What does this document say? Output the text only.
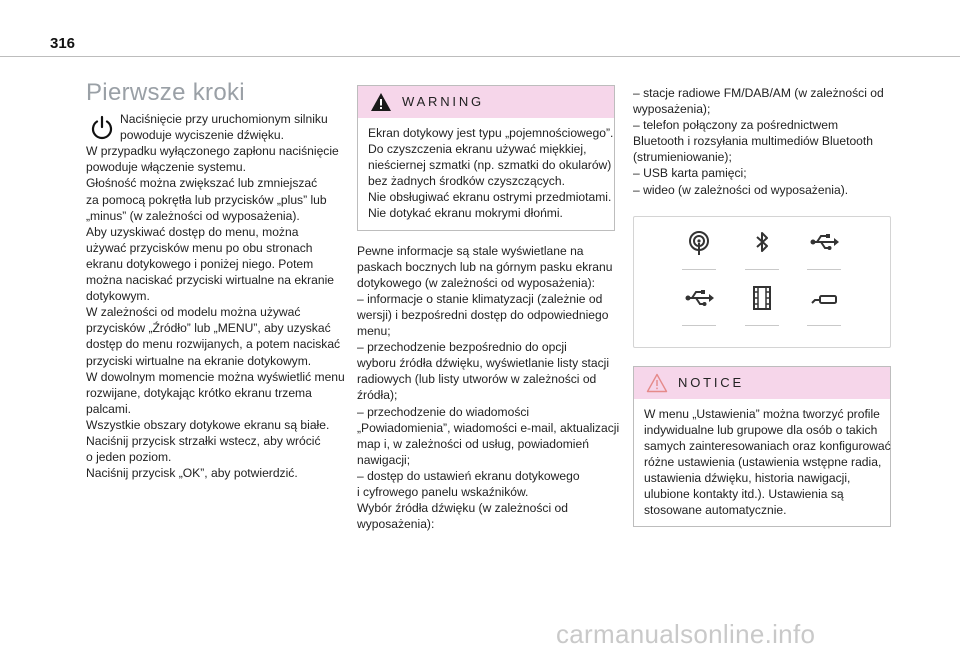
316
Pierwsze kroki
Naciśnięcie przy uruchomionym silniku
powoduje wyciszenie dźwięku.
W przypadku wyłączonego zapłonu naciśnięcie
powoduje włączenie systemu.
Głośność można zwiększać lub zmniejszać
za pomocą pokrętła lub przycisków „plus” lub
„minus” (w zależności od wyposażenia).
Aby uzyskiwać dostęp do menu, można
używać przycisków menu po obu stronach
ekranu dotykowego i poniżej niego. Potem
można naciskać przyciski wirtualne na ekranie
dotykowym.
W zależności od modelu można używać
przycisków „Źródło” lub „MENU”, aby uzyskać
dostęp do menu rozwijanych, a potem naciskać
przyciski wirtualne na ekranie dotykowym.
W dowolnym momencie można wyświetlić menu
rozwijane, dotykając krótko ekranu trzema
palcami.
Wszystkie obszary dotykowe ekranu są białe.
Naciśnij przycisk strzałki wstecz, aby wrócić
o jeden poziom.
Naciśnij przycisk „OK”, aby potwierdzić.
WARNING
Ekran dotykowy jest typu „pojemnościowego”.
Do czyszczenia ekranu używać miękkiej,
nieściernej szmatki (np. szmatki do okularów)
bez żadnych środków czyszczących.
Nie obsługiwać ekranu ostrymi przedmiotami.
Nie dotykać ekranu mokrymi dłońmi.
Pewne informacje są stale wyświetlane na
paskach bocznych lub na górnym pasku ekranu
dotykowego (w zależności od wyposażenia):
– informacje o stanie klimatyzacji (zależnie od
wersji) i bezpośredni dostęp do odpowiedniego
menu;
– przechodzenie bezpośrednio do opcji
wyboru źródła dźwięku, wyświetlanie listy stacji
radiowych (lub listy utworów w zależności od
źródła);
– przechodzenie do wiadomości
„Powiadomienia”, wiadomości e-mail, aktualizacji
map i, w zależności od usług, powiadomień
nawigacji;
– dostęp do ustawień ekranu dotykowego
i cyfrowego panelu wskaźników.
Wybór źródła dźwięku (w zależności od
wyposażenia):
– stacje radiowe FM/DAB/AM (w zależności od
wyposażenia);
– telefon połączony za pośrednictwem
Bluetooth i rozsyłania multimediów Bluetooth
(strumieniowanie);
– USB karta pamięci;
– wideo (w zależności od wyposażenia).
NOTICE
W menu „Ustawienia” można tworzyć profile
indywidualne lub grupowe dla osób o takich
samych zainteresowaniach oraz konfigurować
różne ustawienia (ustawienia wstępne radia,
ustawienia dźwięku, historia nawigacji,
ulubione kontakty itd.). Ustawienia są
stosowane automatycznie.
carmanualsonline.info
